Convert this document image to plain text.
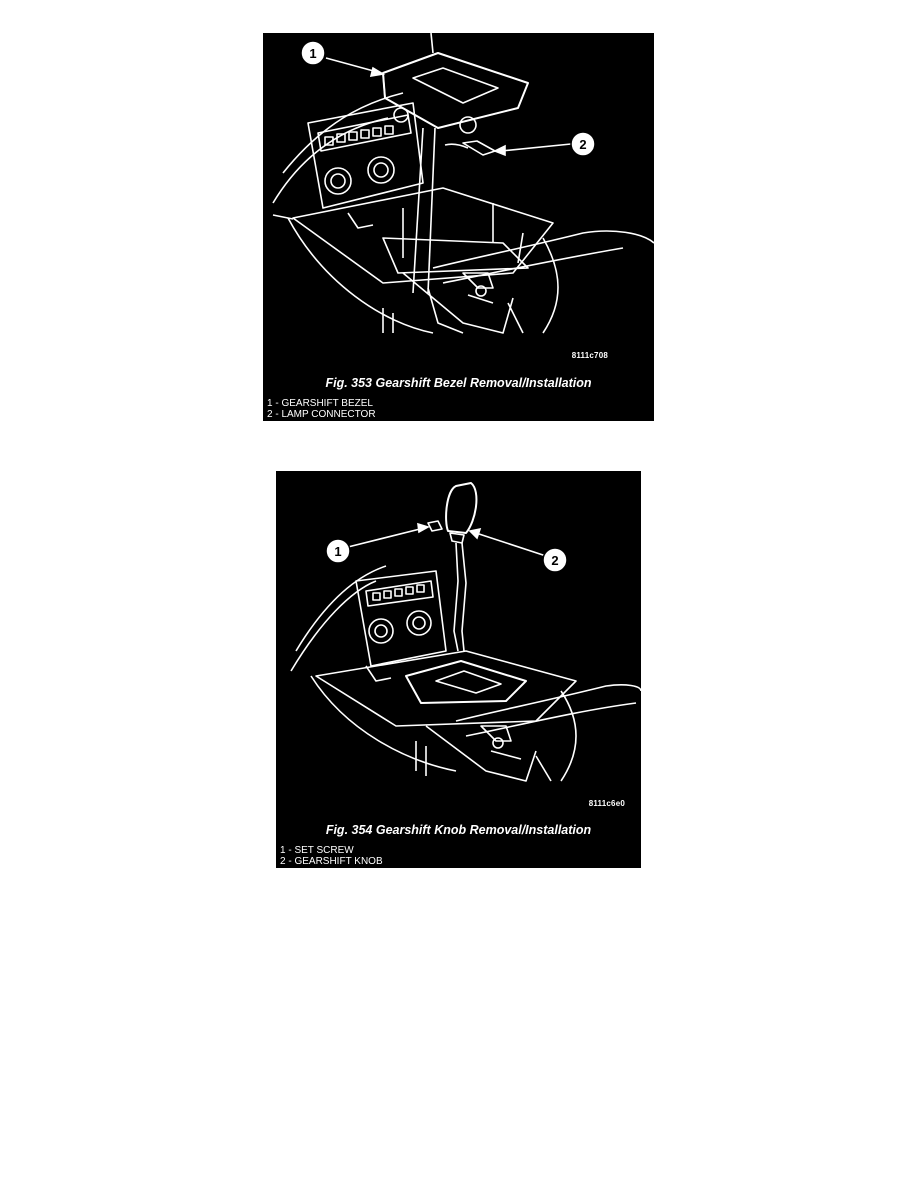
1
2
8111c708
Fig. 353 Gearshift Bezel Removal/Installation
1 - GEARSHIFT BEZEL
2 - LAMP CONNECTOR
1
2
8111c6e0
Fig. 354 Gearshift Knob Removal/Installation
1 - SET SCREW
2 - GEARSHIFT KNOB
